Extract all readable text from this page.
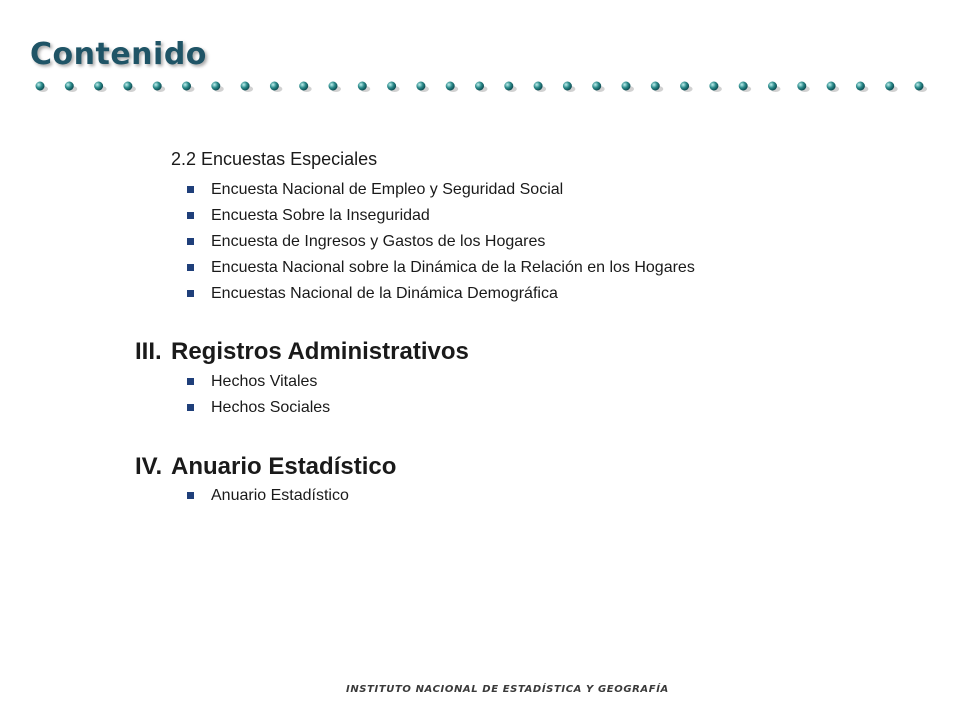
Contenido

2.2 Encuestas Especiales

Encuesta Nacional de Empleo y Seguridad Social
Encuesta Sobre la Inseguridad
Encuesta de Ingresos y Gastos de los Hogares
Encuesta Nacional sobre la Dinámica de la Relación en los Hogares
Encuestas Nacional de la Dinámica Demográfica
III. Registros Administrativos
Hechos Vitales
Hechos Sociales
IV. Anuario Estadístico
Anuario Estadístico
INSTITUTO NACIONAL DE ESTADÍSTICA Y GEOGRAFÍA
